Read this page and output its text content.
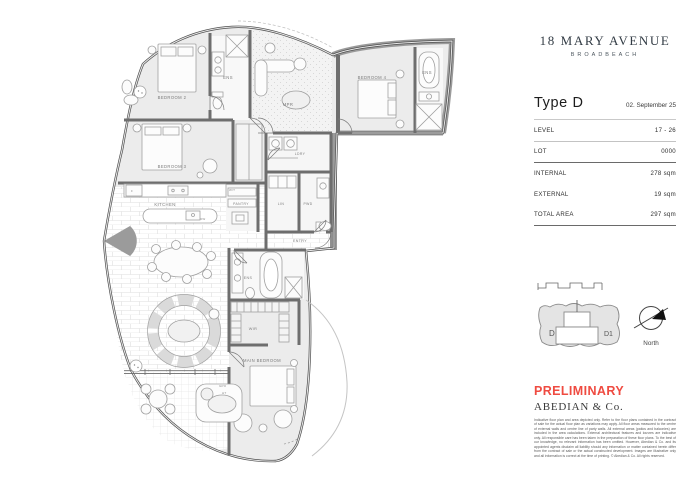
BEDROOM 2
ENS
MPR
BEDROOM 4
ENS
BEDROOM 3
KITCHEN	PANTRY
LDRY
LIN	PWD
ENTRY
ENS
WIR
MAIN BEDROOM
F
DW
W/T
GPO
HT
18 MARY AVENUE
BROADBEACH
Type D	02. September 25
LEVEL	17 - 26
LOT	0000
INTERNAL	278 sqm
EXTERNAL	19 sqm
TOTAL AREA	297 sqm
D	D1
North
PRELIMINARY
ABEDIAN & Co.
Indicative floor plan and area depicted only. Refer to the floor plans contained in the contract of sale for the actual floor plan as variations may apply. All floor areas measured to the centre of external walls and centre line of party walls. All external areas (patios and balconies) are included in the area calculations. External architectural features and louvres are indicative only. All responsible care has been taken in the preparation of these floor plans. To the best of our knowledge, no relevant information has been omitted. However, Abedian & Co. and its appointed agents disclaim all liability should any information or matter contained herein differ from the contract of sale or the actual constructed development. Images are illustrative only and all information is correct at the time of printing. © Abedian & Co. All rights reserved.
